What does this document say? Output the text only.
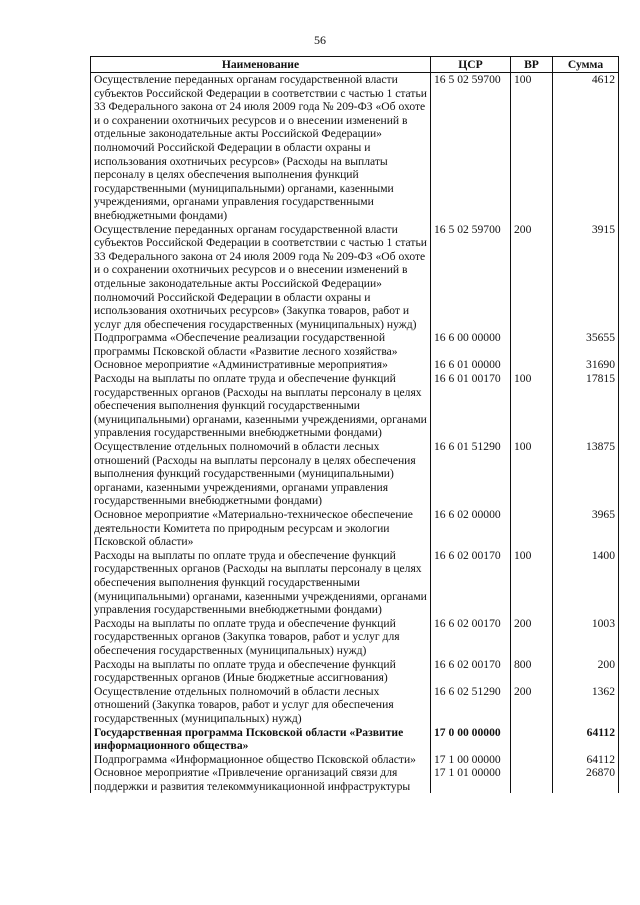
56
Наименование	ЦСР	ВР	Сумма
Осуществление переданных органам государственной власти субъектов Российской Федерации в соответствии с частью 1 статьи 33 Федерального закона от 24 июля 2009 года № 209-ФЗ «Об охоте и о сохранении охотничьих ресурсов и о внесении изменений в отдельные законодательные акты Российской Федерации» полномочий Российской Федерации в области охраны и использования охотничьих ресурсов» (Расходы на выплаты персоналу в целях обеспечения выполнения функций государственными (муниципальными) органами, казенными учреждениями, органами управления государственными внебюджетными фондами)	16 5 02 59700	100	4612
Осуществление переданных органам государственной власти субъектов Российской Федерации в соответствии с частью 1 статьи 33 Федерального закона от 24 июля 2009 года № 209-ФЗ «Об охоте и о сохранении охотничьих ресурсов и о внесении изменений в отдельные законодательные акты Российской Федерации» полномочий Российской Федерации в области охраны и использования охотничьих ресурсов» (Закупка товаров, работ и услуг для обеспечения государственных (муниципальных) нужд)	16 5 02 59700	200	3915
Подпрограмма «Обеспечение реализации государственной программы Псковской области «Развитие лесного хозяйства»	16 6 00 00000		35655
Основное мероприятие «Административные мероприятия»	16 6 01 00000		31690
Расходы на выплаты по оплате труда и обеспечение функций государственных органов (Расходы на выплаты персоналу в целях обеспечения выполнения функций государственными (муниципальными) органами, казенными учреждениями, органами управления государственными внебюджетными фондами)	16 6 01 00170	100	17815
Осуществление отдельных полномочий в области лесных отношений (Расходы на выплаты персоналу в целях обеспечения выполнения функций государственными (муниципальными) органами, казенными учреждениями, органами управления государственными внебюджетными фондами)	16 6 01 51290	100	13875
Основное мероприятие «Материально-техническое обеспечение деятельности Комитета по природным ресурсам и экологии Псковской области»	16 6 02 00000		3965
Расходы на выплаты по оплате труда и обеспечение функций государственных органов (Расходы на выплаты персоналу в целях обеспечения выполнения функций государственными (муниципальными) органами, казенными учреждениями, органами управления государственными внебюджетными фондами)	16 6 02 00170	100	1400
Расходы на выплаты по оплате труда и обеспечение функций государственных органов (Закупка товаров, работ и услуг для обеспечения государственных (муниципальных) нужд)	16 6 02 00170	200	1003
Расходы на выплаты по оплате труда и обеспечение функций государственных органов (Иные бюджетные ассигнования)	16 6 02 00170	800	200
Осуществление отдельных полномочий в области лесных отношений (Закупка товаров, работ и услуг для обеспечения государственных (муниципальных) нужд)	16 6 02 51290	200	1362
Государственная программа Псковской области «Развитие информационного общества»	17 0 00 00000		64112
Подпрограмма «Информационное общество Псковской области»	17 1 00 00000		64112
Основное мероприятие «Привлечение организаций связи для поддержки и развития телекоммуникационной инфраструктуры	17 1 01 00000		26870
